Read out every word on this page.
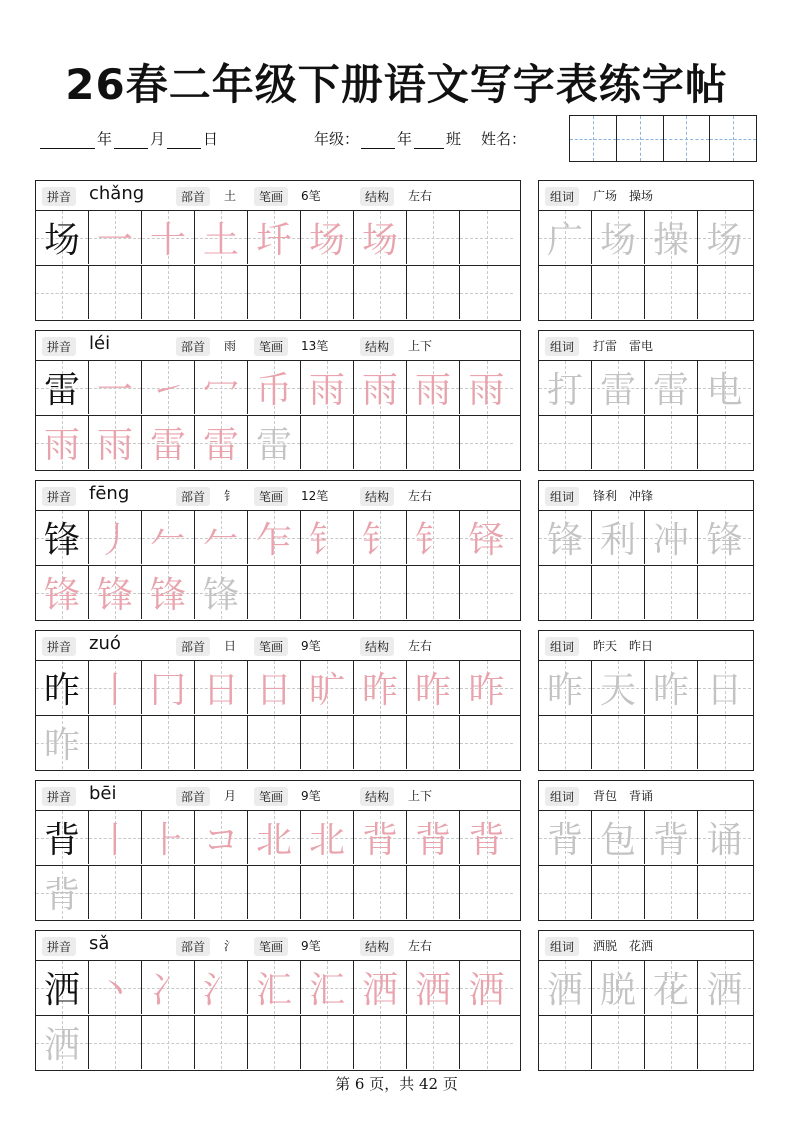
26春二年级下册语文写字表练字帖
年	月	日	年级：	年 班 姓名：
拼音 chǎng	部首	土	笔画	6笔	结构	左右
场 一 十 土 圲 场 场
组词	广场　操场
广 场 操 场
拼音 léi	部首	雨	笔画	13笔	结构	上下
雷 一 ㇀ 冖 币 雨 雨 雨 雨
雨 雨 雷 雷 雷
组词	打雷　雷电
打 雷 雷 电
拼音 fēng	部首	钅	笔画	12笔	结构	左右
锋 丿 𠂉 𠂉 乍 钅 钅 钅 铎
锋 锋 锋 锋
组词	锋利　冲锋
锋 利 冲 锋
拼音 zuó	部首	日	笔画	9笔	结构	左右
昨 丨 冂 日 日 旷 昨 昨 昨
昨
组词	昨天　昨日
昨 天 昨 日
拼音 bēi	部首	月	笔画	9笔	结构	上下
背 丨 ⺊ コ 北 北 背 背 背
背
组词	背包　背诵
背 包 背 诵
拼音 sǎ	部首	氵	笔画	9笔	结构	左右
洒 丶 冫 氵 汇 汇 洒 洒 洒
洒
组词	洒脱　花洒
洒 脱 花 洒
第 6 页，共 42 页
